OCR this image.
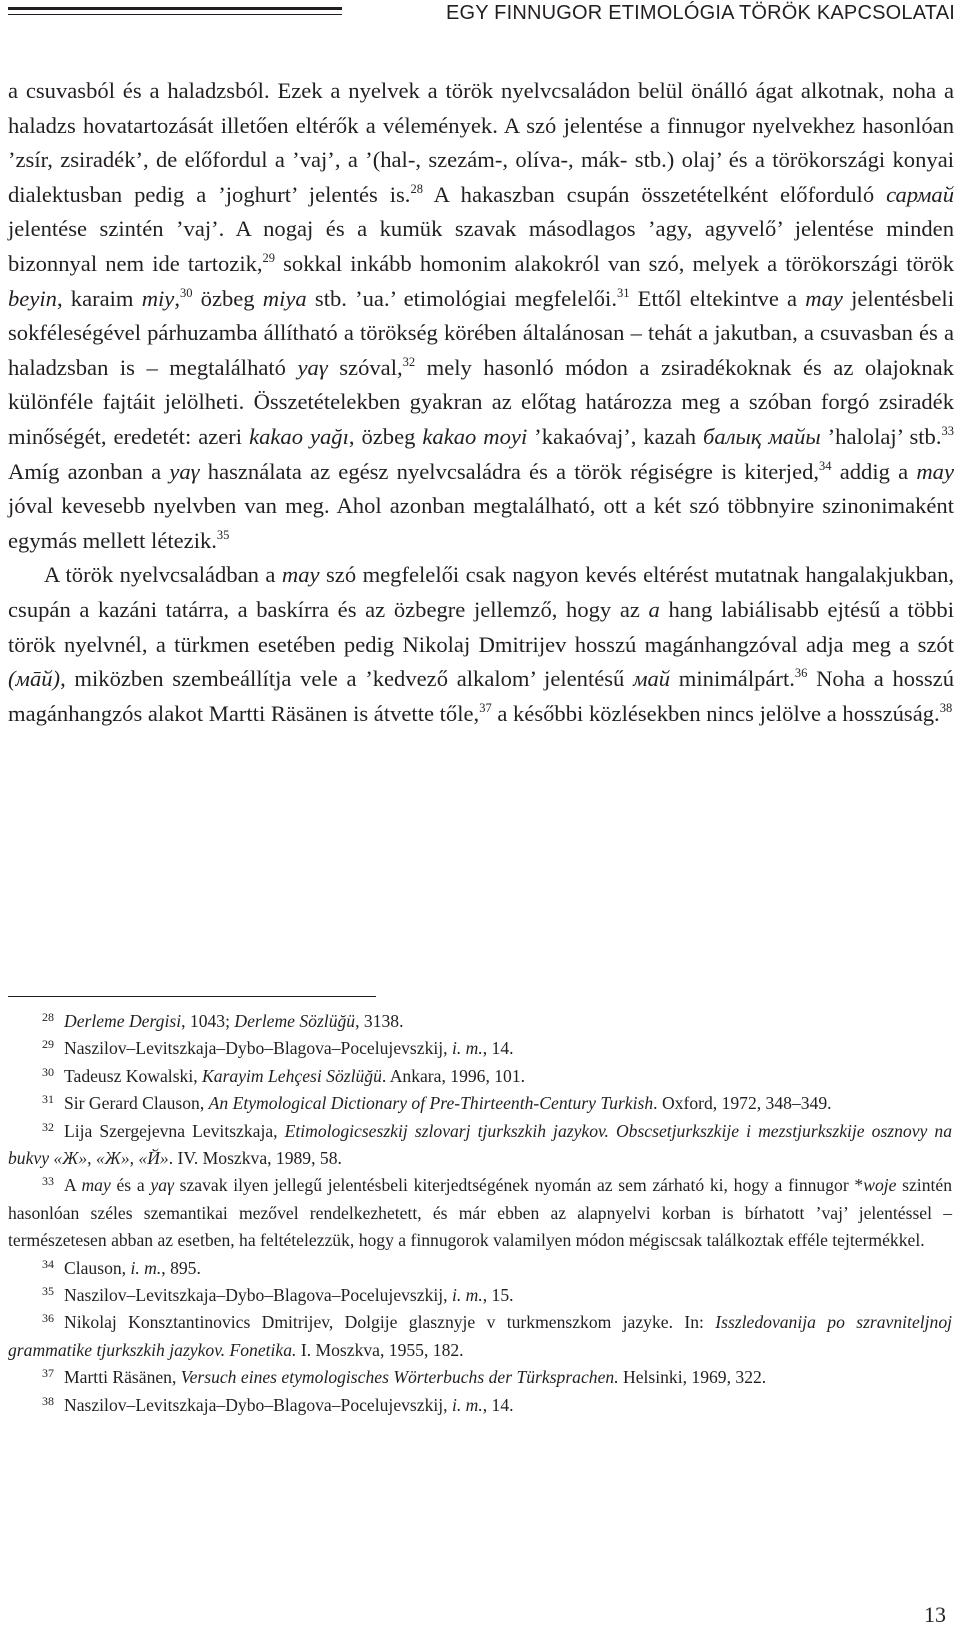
EGY FINNUGOR ETIMOLÓGIA TÖRÖK KAPCSOLATAI

a csuvasból és a haladzsból. Ezek a nyelvek a török nyelvcsaládon belül önálló ágat alkotnak, noha a haladzs hovatartozását illetően eltérők a vélemények. A szó jelentése a finnugor nyelvekhez hasonlóan ’zsír, zsiradék’, de előfordul a ’vaj’, a ’(hal-, szezám-, olíva-, mák- stb.) olaj’ és a törökországi konyai dialektusban pedig a ’joghurt’ jelentés is.$^{28}$ A hakaszban csupán összetételként előforduló сармай jelentése szintén ’vaj’. A nogaj és a kumük szavak másodlagos ’agy, agyvelő’ jelentése minden bizonnyal nem ide tartozik,$^{29}$ sokkal inkább homonim alakokról van szó, melyek a törökországi török beyin, karaim miy,$^{30}$ özbeg miya stb. ’ua.’ etimológiai megfelelői.$^{31}$ Ettől eltekintve a may jelentésbeli sokféleségével párhuzamba állítható a törökség körében általánosan – tehát a jakutban, a csuvasban és a haladzsban is – megtalálható yaγ szóval,$^{32}$ mely hasonló módon a zsiradékoknak és az olajoknak különféle fajtáit jelölheti. Összetételekben gyakran az előtag határozza meg a szóban forgó zsiradék minőségét, eredetét: azeri kakao yağı, özbeg kakao moyi ’kakaóvaj’, kazah балық майы ’halolaj’ stb.$^{33}$ Amíg azonban a yaγ használata az egész nyelvcsaládra és a török régiségre is kiterjed,$^{34}$ addig a may jóval kevesebb nyelvben van meg. Ahol azonban megtalálható, ott a két szó többnyire szinonimaként egymás mellett létezik.$^{35}$

A török nyelvcsaládban a may szó megfelelői csak nagyon kevés eltérést mutatnak hangalakjukban, csupán a kazáni tatárra, a baskírra és az özbegre jellemző, hogy az a hang labiálisabb ejtésű a többi török nyelvnél, a türkmen esetében pedig Nikolaj Dmitrijev hosszú magánhangzóval adja meg a szót (мāй), miközben szembeállítja vele a ’kedvező alkalom’ jelentésű май minimálpárt.$^{36}$ Noha a hosszú magánhangzós alakot Martti Räsänen is átvette tőle,$^{37}$ a későbbi közlésekben nincs jelölve a hosszúság.$^{38}$

$^{28}$ Derleme Dergisi, 1043; Derleme Sözlüğü, 3138.

$^{29}$ Naszilov–Levitszkaja–Dybo–Blagova–Pocelujevszkij, i. m., 14.

$^{30}$ Tadeusz Kowalski, Karayim Lehçesi Sözlüğü. Ankara, 1996, 101.

$^{31}$ Sir Gerard Clauson, An Etymological Dictionary of Pre-Thirteenth-Century Turkish. Oxford, 1972, 348–349.

$^{32}$ Lija Szergejevna Levitszkaja, Etimologicseszkij szlovarj tjurkszkih jazykov. Obscsetjurkszkije i mezstjurkszkije osznovy na bukvy «Ж», «Ж», «Й». IV. Moszkva, 1989, 58.

$^{33}$ A may és a yaγ szavak ilyen jellegű jelentésbeli kiterjedtségének nyomán az sem zárható ki, hogy a finnugor *woje szintén hasonlóan széles szemantikai mezővel rendelkezhetett, és már ebben az alapnyelvi korban is bírhatott ’vaj’ jelentéssel – természetesen abban az esetben, ha feltételezzük, hogy a finnugorok valamilyen módon mégiscsak találkoztak efféle tejtermékkel.

$^{34}$ Clauson, i. m., 895.

$^{35}$ Naszilov–Levitszkaja–Dybo–Blagova–Pocelujevszkij, i. m., 15.

$^{36}$ Nikolaj Konsztantinovics Dmitrijev, Dolgije glasznyje v turkmenszkom jazyke. In: Isszledovanija po szravniteljnoj grammatike tjurkszkih jazykov. Fonetika. I. Moszkva, 1955, 182.

$^{37}$ Martti Räsänen, Versuch eines etymologisches Wörterbuchs der Türksprachen. Helsinki, 1969, 322.

$^{38}$ Naszilov–Levitszkaja–Dybo–Blagova–Pocelujevszkij, i. m., 14.

13
